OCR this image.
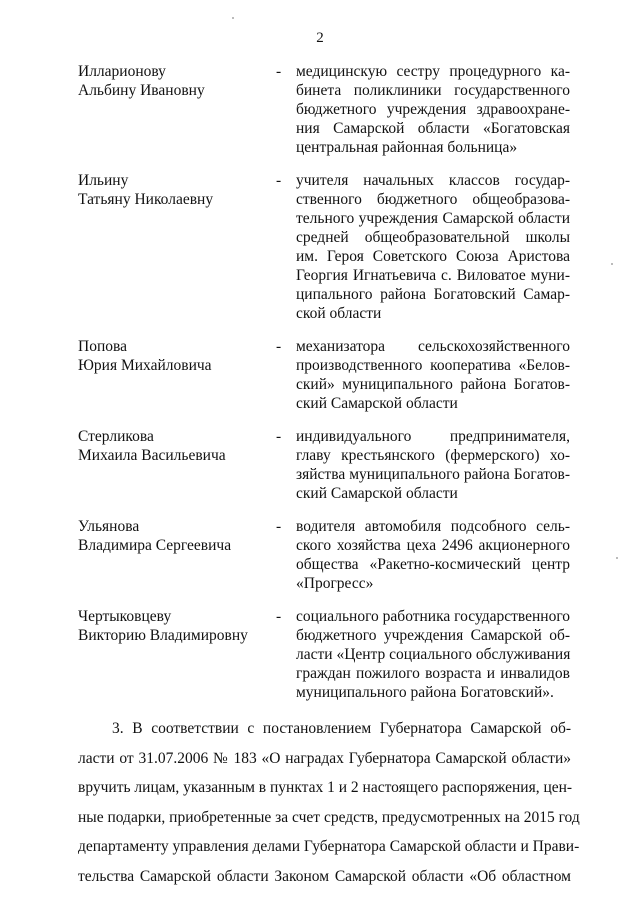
2
Илларионову
Альбину Ивановну
- медицинскую сестру процедурного ка-
бинета поликлиники государственного
бюджетного учреждения здравоохране-
ния Самарской области «Богатовская
центральная районная больница»
Ильину
Татьяну Николаевну
- учителя начальных классов государ-
ственного бюджетного общеобразова-
тельного учреждения Самарской области
средней общеобразовательной школы
им. Героя Советского Союза Аристова
Георгия Игнатьевича с. Виловатое муни-
ципального района Богатовский Самар-
ской области
Попова
Юрия Михайловича
- механизатора сельскохозяйственного
производственного кооператива «Белов-
ский» муниципального района Богатов-
ский Самарской области
Стерликова
Михаила Васильевича
- индивидуального предпринимателя,
главу крестьянского (фермерского) хо-
зяйства муниципального района Богатов-
ский Самарской области
Ульянова
Владимира Сергеевича
- водителя автомобиля подсобного сель-
ского хозяйства цеха 2496 акционерного
общества «Ракетно-космический центр
«Прогресс»
Чертыковцеву
Викторию Владимировну
- социального работника государственного
бюджетного учреждения Самарской об-
ласти «Центр социального обслуживания
граждан пожилого возраста и инвалидов
муниципального района Богатовский».
3. В соответствии с постановлением Губернатора Самарской об-
ласти от 31.07.2006 № 183 «О наградах Губернатора Самарской области»
вручить лицам, указанным в пунктах 1 и 2 настоящего распоряжения, цен-
ные подарки, приобретенные за счет средств, предусмотренных на 2015 год
департаменту управления делами Губернатора Самарской области и Прави-
тельства Самарской области Законом Самарской области «Об областном
